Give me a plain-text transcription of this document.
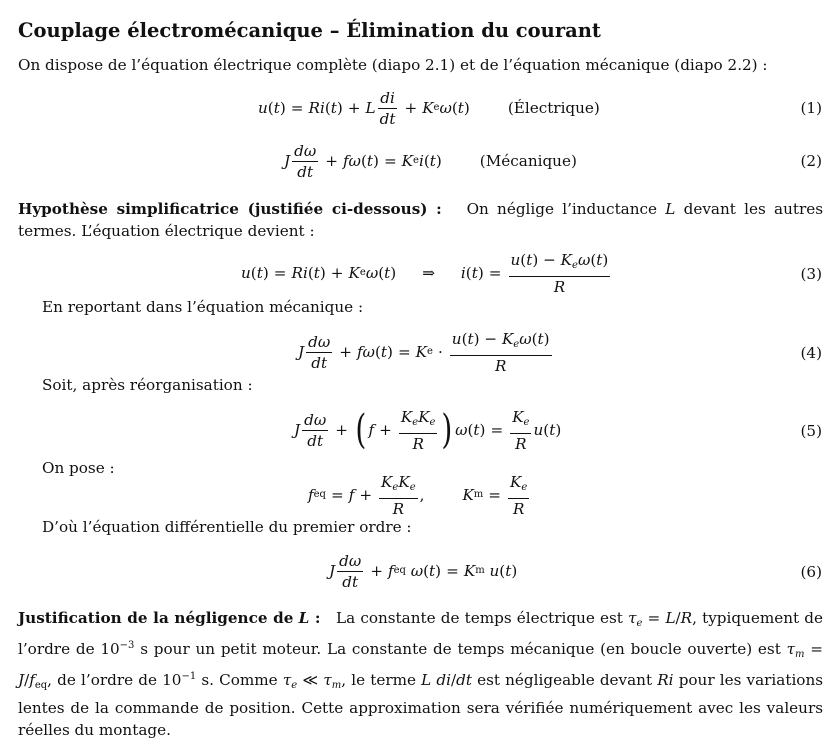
Couplage électromécanique – Élimination du courant
On dispose de l’équation électrique complète (diapo 2.1) et de l’équation mécanique (diapo 2.2) :
u ( t ) = Ri ( t ) + L $\frac{di}{dt} + K$ e ω ( t )	(Électrique)	(1)
J $\frac{d\omega}{dt} + f\omega$ ( t ) = K e i ( t )	(Mécanique)	(2)
Hypothèse simplificatrice (justifiée ci-dessous) : On néglige l’inductance L devant les autres termes. L’équation électrique devient :
u ( t ) = Ri ( t ) + K e ω ( t )
⇒ i ( t ) = $\frac{u(t) - K_e\omega(t)}{R}$	(3)
En reportant dans l’équation mécanique :
J $\frac{d\omega}{dt} + f\omega$ ( t ) = K $e \cdot \frac{u(t) - K_e\omega(t)}{R}$	(4)
Soit, après réorganisation :
J $\frac{d\omega}{dt}$ + ( $f + \frac{K_eK_e}{R}$ ) ω ( t ) = $\frac{K_e}{R}$ u ( t )	(5)
On pose :
f eq = $f + \frac{K_eK_e}{R}$ ,	K $m = \frac{K_e}{R}$
D’où l’équation différentielle du premier ordre :
J $\frac{d\omega}{dt} + f$ eq
ω ( t ) = K m
u ( t )	(6)
Justification de la négligence de L : La constante de temps électrique est $\tau_e = L/R$, typiquement de l’ordre de $10^{-3}$ s pour un petit moteur. La constante de temps mécanique (en boucle ouverte) est $\tau_m = J/feq$, de l’ordre de $10^{-1}$ s. Comme $\tau_e$ ≪ $\tau_m$, le terme L di/dt est négligeable devant Ri pour les variations lentes de la commande de position. Cette approximation sera vérifiée numériquement avec les valeurs réelles du montage.
